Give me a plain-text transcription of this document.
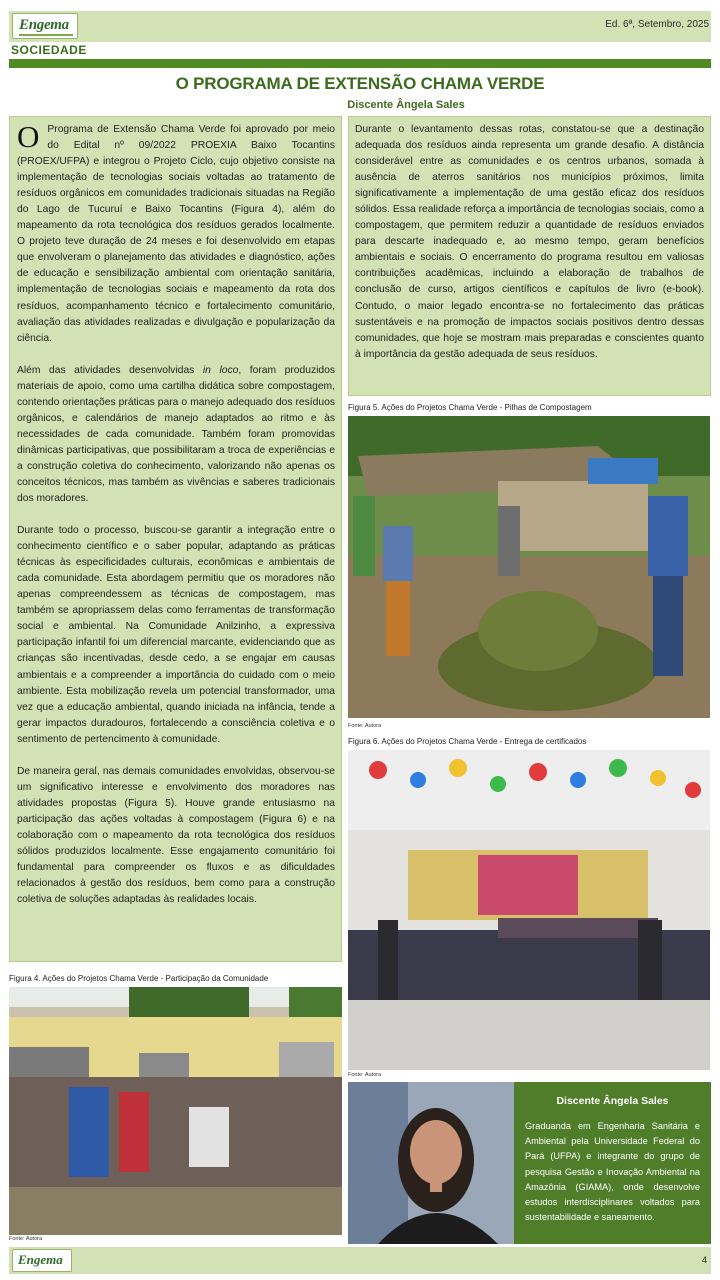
Engema	Ed. 6ª, Setembro, 2025
SOCIEDADE
O PROGRAMA DE EXTENSÃO CHAMA VERDE
Discente Ângela Sales

O Programa de Extensão Chama Verde foi aprovado por meio do Edital nº 09/2022 PROEXIA Baixo Tocantins (PROEX/UFPA) e integrou o Projeto Ciclo, cujo objetivo consiste na implementação de tecnologias sociais voltadas ao tratamento de resíduos orgânicos em comunidades tradicionais situadas na Região do Lago de Tucuruí e Baixo Tocantins (Figura 4), além do mapeamento da rota tecnológica dos resíduos gerados localmente. O projeto teve duração de 24 meses e foi desenvolvido em etapas que envolveram o planejamento das atividades e diagnóstico, ações de educação e sensibilização ambiental com orientação sanitária, implementação de tecnologias sociais e mapeamento da rota dos resíduos, acompanhamento técnico e fortalecimento comunitário, avaliação das atividades realizadas e divulgação e popularização da ciência.

Além das atividades desenvolvidas in loco, foram produzidos materiais de apoio, como uma cartilha didática sobre compostagem, contendo orientações práticas para o manejo adequado dos resíduos orgânicos, e calendários de manejo adaptados ao ritmo e às necessidades de cada comunidade. Também foram promovidas dinâmicas participativas, que possibilitaram a troca de experiências e a construção coletiva do conhecimento, valorizando não apenas os conceitos técnicos, mas também as vivências e saberes tradicionais dos moradores.

Durante todo o processo, buscou-se garantir a integração entre o conhecimento científico e o saber popular, adaptando as práticas técnicas às especificidades culturais, econômicas e ambientais de cada comunidade. Esta abordagem permitiu que os moradores não apenas compreendessem as técnicas de compostagem, mas também se apropriassem delas como ferramentas de transformação social e ambiental. Na Comunidade Anilzinho, a expressiva participação infantil foi um diferencial marcante, evidenciando que as crianças são incentivadas, desde cedo, a se engajar em causas ambientais e a compreender a importância do cuidado com o meio ambiente. Esta mobilização revela um potencial transformador, uma vez que a educação ambiental, quando iniciada na infância, tende a gerar impactos duradouros, fortalecendo a consciência coletiva e o sentimento de pertencimento à comunidade.

De maneira geral, nas demais comunidades envolvidas, observou-se um significativo interesse e envolvimento dos moradores nas atividades propostas (Figura 5). Houve grande entusiasmo na participação das ações voltadas à compostagem (Figura 6) e na colaboração com o mapeamento da rota tecnológica dos resíduos sólidos produzidos localmente. Esse engajamento comunitário foi fundamental para compreender os fluxos e as dificuldades relacionados à gestão dos resíduos, bem como para a construção coletiva de soluções adaptadas às realidades locais.

Durante o levantamento dessas rotas, constatou-se que a destinação adequada dos resíduos ainda representa um grande desafio. A distância considerável entre as comunidades e os centros urbanos, somada à ausência de aterros sanitários nos municípios próximos, limita significativamente a implementação de uma gestão eficaz dos resíduos sólidos. Essa realidade reforça a importância de tecnologias sociais, como a compostagem, que permitem reduzir a quantidade de resíduos enviados para descarte inadequado e, ao mesmo tempo, geram benefícios ambientais e sociais. O encerramento do programa resultou em valiosas contribuições acadêmicas, incluindo a elaboração de trabalhos de conclusão de curso, artigos científicos e capítulos de livro (e-book). Contudo, o maior legado encontra-se no fortalecimento das práticas sustentáveis e na promoção de impactos sociais positivos dentro dessas comunidades, que hoje se mostram mais preparadas e conscientes quanto à importância da gestão adequada de seus resíduos.

Figura 5. Ações do Projetos Chama Verde - Pilhas de Compostagem
Fonte: Autora
Figura 6. Ações do Projetos Chama Verde - Entrega de certificados
Fonte: Autora
Figura 4. Ações do Projetos Chama Verde - Participação da Comunidade
Fonte: Autora
Discente Ângela Sales
Graduanda em Engenharia Sanitária e Ambiental pela Universidade Federal do Pará (UFPA) e integrante do grupo de pesquisa Gestão e Inovação Ambiental na Amazônia (GIAMA), onde desenvolve estudos interdisciplinares voltados para sustentabilidade e saneamento.
Engema	4
